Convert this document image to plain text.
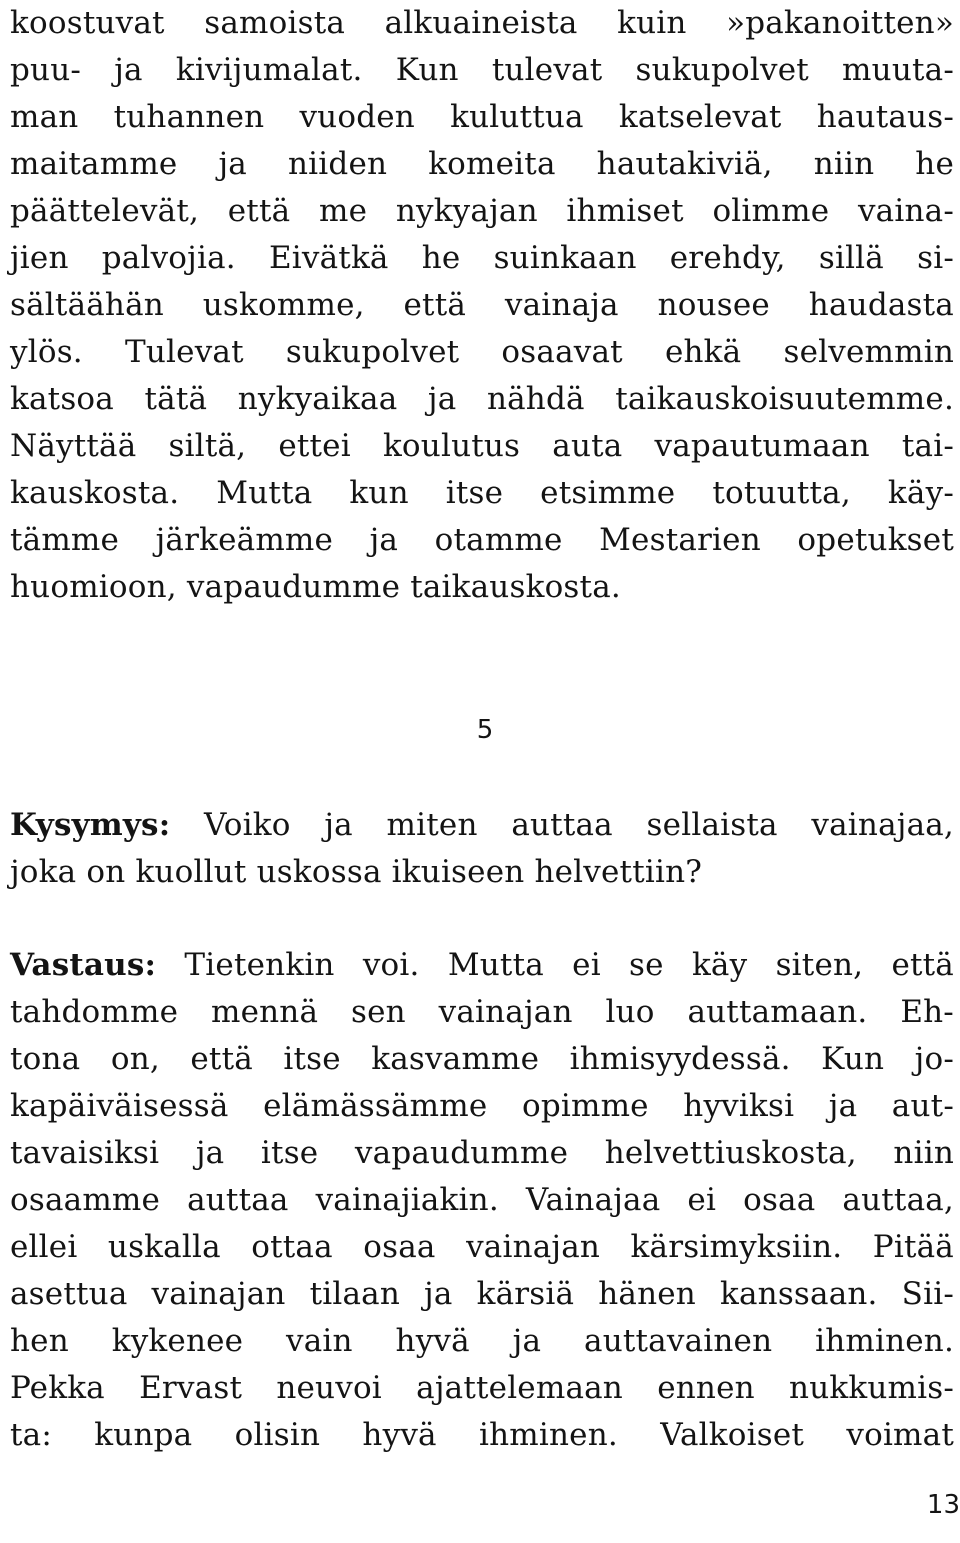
koostuvat samoista alkuaineista kuin »pakanoitten»
puu- ja kivijumalat. Kun tulevat sukupolvet muuta-
man tuhannen vuoden kuluttua katselevat hautaus-
maitamme ja niiden komeita hautakiviä, niin he
päättelevät, että me nykyajan ihmiset olimme vaina-
jien palvojia. Eivätkä he suinkaan erehdy, sillä si-
sältäähän uskomme, että vainaja nousee haudasta
ylös. Tulevat sukupolvet osaavat ehkä selvemmin
katsoa tätä nykyaikaa ja nähdä taikauskoisuutemme.
Näyttää siltä, ettei koulutus auta vapautumaan tai-
kauskosta. Mutta kun itse etsimme totuutta, käy-
tämme järkeämme ja otamme Mestarien opetukset
huomioon, vapaudumme taikauskosta.
5
Kysymys: Voiko ja miten auttaa sellaista vainajaa,
joka on kuollut uskossa ikuiseen helvettiin?
Vastaus: Tietenkin voi. Mutta ei se käy siten, että
tahdomme mennä sen vainajan luo auttamaan. Eh-
tona on, että itse kasvamme ihmisyydessä. Kun jo-
kapäiväisessä elämässämme opimme hyviksi ja aut-
tavaisiksi ja itse vapaudumme helvettiuskosta, niin
osaamme auttaa vainajiakin. Vainajaa ei osaa auttaa,
ellei uskalla ottaa osaa vainajan kärsimyksiin. Pitää
asettua vainajan tilaan ja kärsiä hänen kanssaan. Sii-
hen kykenee vain hyvä ja auttavainen ihminen.
Pekka Ervast neuvoi ajattelemaan ennen nukkumis-
ta: kunpa olisin hyvä ihminen. Valkoiset voimat
13
